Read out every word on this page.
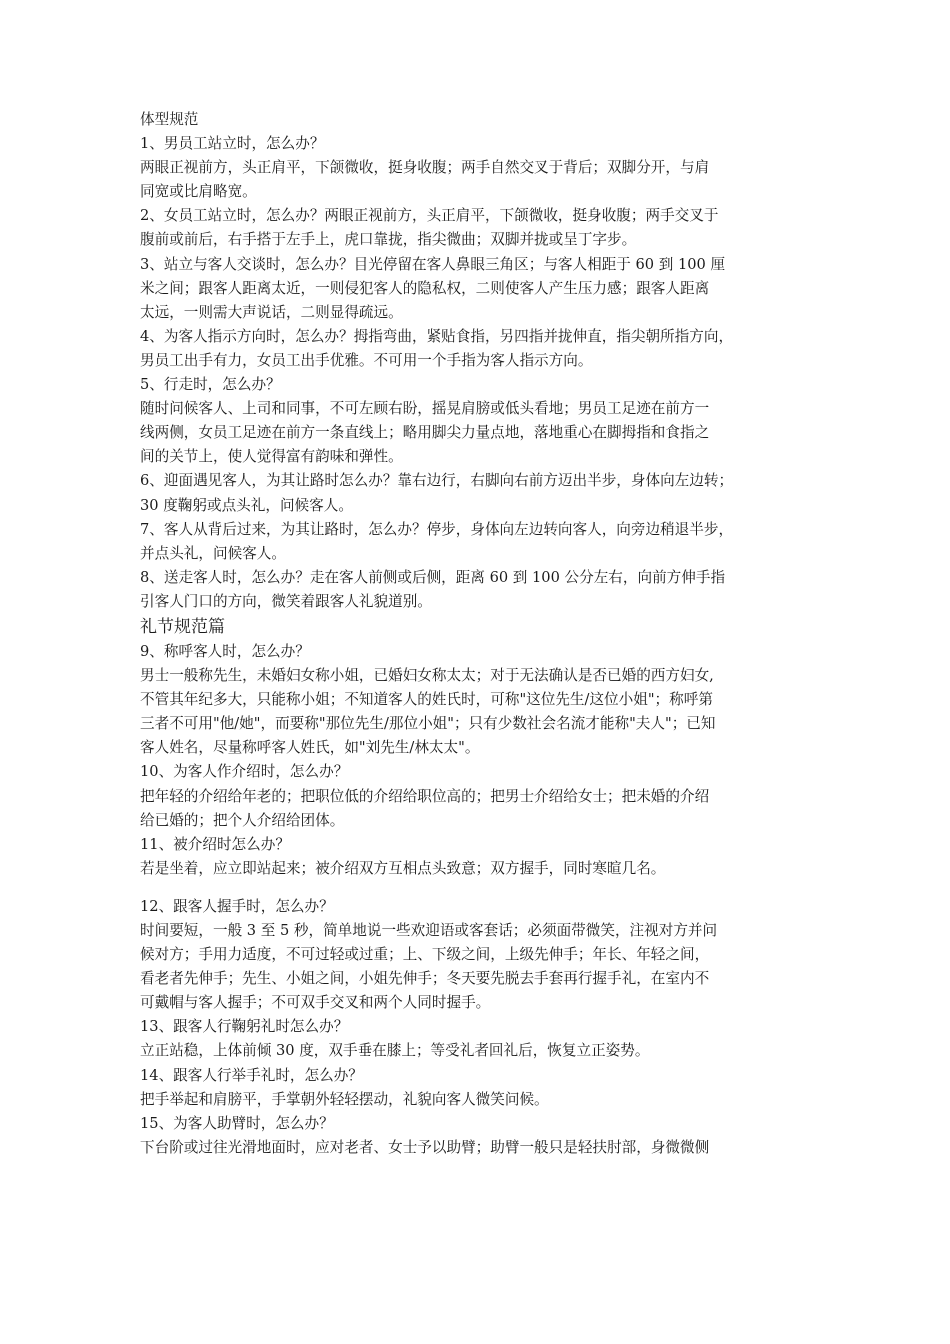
体型规范
1、男员工站立时，怎么办？
两眼正视前方，头正肩平，下颌微收，挺身收腹；两手自然交叉于背后；双脚分开，与肩
同宽或比肩略宽。
2、女员工站立时，怎么办？两眼正视前方，头正肩平，下颌微收，挺身收腹；两手交叉于
腹前或前后，右手搭于左手上，虎口靠拢，指尖微曲；双脚并拢或呈丁字步。
3、站立与客人交谈时，怎么办？目光停留在客人鼻眼三角区；与客人相距于 60 到 100 厘
米之间；跟客人距离太近，一则侵犯客人的隐私权，二则使客人产生压力感；跟客人距离
太远，一则需大声说话，二则显得疏远。
4、为客人指示方向时，怎么办？拇指弯曲，紧贴食指，另四指并拢伸直，指尖朝所指方向，
男员工出手有力，女员工出手优雅。不可用一个手指为客人指示方向。
5、行走时，怎么办？
随时问候客人、上司和同事，不可左顾右盼，摇晃肩膀或低头看地；男员工足迹在前方一
线两侧，女员工足迹在前方一条直线上；略用脚尖力量点地，落地重心在脚拇指和食指之
间的关节上，使人觉得富有韵味和弹性。
6、迎面遇见客人，为其让路时怎么办？靠右边行，右脚向右前方迈出半步，身体向左边转；
30 度鞠躬或点头礼，问候客人。
7、客人从背后过来，为其让路时，怎么办？停步，身体向左边转向客人，向旁边稍退半步，
并点头礼，问候客人。
8、送走客人时，怎么办？走在客人前侧或后侧，距离 60 到 100 公分左右，向前方伸手指
引客人门口的方向，微笑着跟客人礼貌道别。
礼节规范篇
9、称呼客人时，怎么办？
男士一般称先生，未婚妇女称小姐，已婚妇女称太太；对于无法确认是否已婚的西方妇女,
不管其年纪多大，只能称小姐；不知道客人的姓氏时，可称"这位先生/这位小姐"；称呼第
三者不可用"他/她"，而要称"那位先生/那位小姐"；只有少数社会名流才能称"夫人"；已知
客人姓名，尽量称呼客人姓氏，如"刘先生/林太太"。
10、为客人作介绍时，怎么办？
把年轻的介绍给年老的；把职位低的介绍给职位高的；把男士介绍给女士；把未婚的介绍
给已婚的；把个人介绍给团体。
11、被介绍时怎么办？
若是坐着，应立即站起来；被介绍双方互相点头致意；双方握手，同时寒暄几名。
12、跟客人握手时，怎么办？
时间要短，一般 3 至 5 秒，简单地说一些欢迎语或客套话；必须面带微笑，注视对方并问
候对方；手用力适度，不可过轻或过重；上、下级之间，上级先伸手；年长、年轻之间，
看老者先伸手；先生、小姐之间，小姐先伸手；冬天要先脱去手套再行握手礼，在室内不
可戴帽与客人握手；不可双手交叉和两个人同时握手。
13、跟客人行鞠躬礼时怎么办？
立正站稳，上体前倾 30 度，双手垂在膝上；等受礼者回礼后，恢复立正姿势。
14、跟客人行举手礼时，怎么办？
把手举起和肩膀平，手掌朝外轻轻摆动，礼貌向客人微笑问候。
15、为客人助臂时，怎么办？
下台阶或过往光滑地面时，应对老者、女士予以助臂；助臂一般只是轻扶肘部，身微微侧
